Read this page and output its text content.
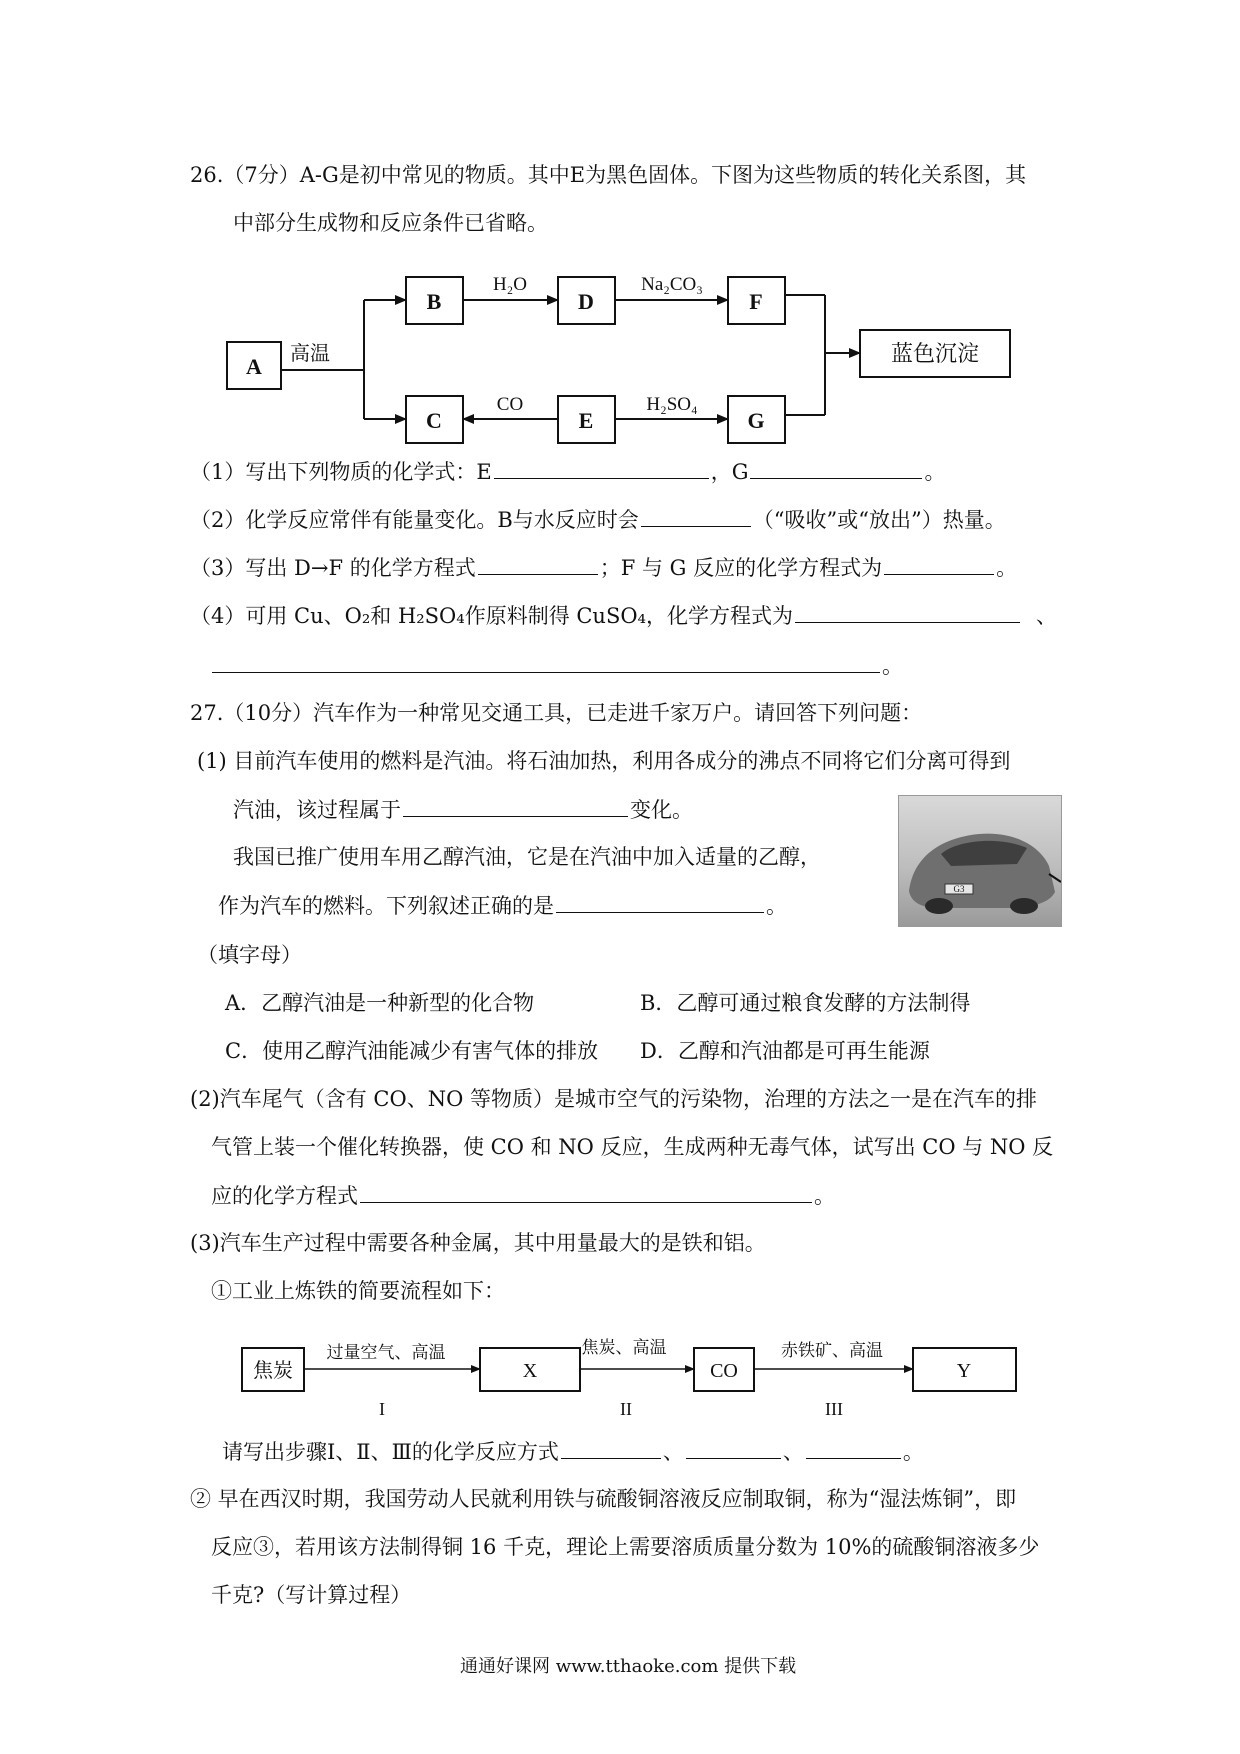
26.（7分）A-G是初中常见的物质。其中E为黑色固体。下图为这些物质的转化关系图，其
中部分生成物和反应条件已省略。
A
B	D	F
C	E	G
蓝色沉淀
高温
H₂O	Na₂CO₃
CO	H₂SO₄
（1）写出下列物质的化学式：E	，G	。
（2）化学反应常伴有能量变化。B与水反应时会	（“吸收”或“放出”）热量。
（3）写出 D→F 的化学方程式	；F 与 G 反应的化学方程式为	。
（4）可用 Cu、O₂和 H₂SO₄作原料制得 CuSO₄，化学方程式为	、
。
27.（10分）汽车作为一种常见交通工具，已走进千家万户。请回答下列问题：
(1) 目前汽车使用的燃料是汽油。将石油加热，利用各成分的沸点不同将它们分离可得到
汽油，该过程属于	变化。
我国已推广使用车用乙醇汽油，它是在汽油中加入适量的乙醇，
作为汽车的燃料。下列叙述正确的是	。
（填字母）
G3
A．乙醇汽油是一种新型的化合物	B．乙醇可通过粮食发酵的方法制得
C．使用乙醇汽油能减少有害气体的排放 D．乙醇和汽油都是可再生能源
(2)汽车尾气（含有 CO、NO 等物质）是城市空气的污染物，治理的方法之一是在汽车的排
气管上装一个催化转换器，使 CO 和 NO 反应，生成两种无毒气体，试写出 CO 与 NO 反
应的化学方程式	。
(3)汽车生产过程中需要各种金属，其中用量最大的是铁和铝。
①工业上炼铁的简要流程如下：
焦炭	X	CO	Y
过量空气、高温	焦炭、高温	赤铁矿、高温
I	II	III
请写出步骤Ⅰ、Ⅱ、Ⅲ的化学反应方式	、	、	。
② 早在西汉时期，我国劳动人民就利用铁与硫酸铜溶液反应制取铜，称为“湿法炼铜”，即
反应③，若用该方法制得铜 16 千克，理论上需要溶质质量分数为 10%的硫酸铜溶液多少
千克?（写计算过程）
通通好课网 www.tthaoke.com 提供下载
